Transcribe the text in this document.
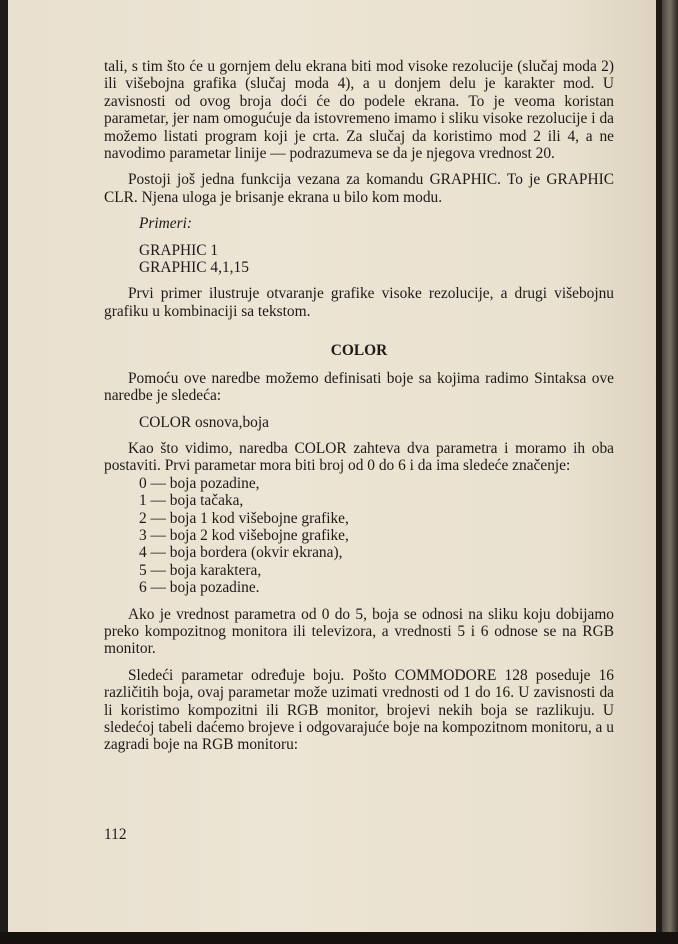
tali, s tim što će u gornjem delu ekrana biti mod visoke rezolucije (slučaj moda 2) ili višebojna grafika (slučaj moda 4), a u donjem delu je karakter mod. U zavisnosti od ovog broja doći će do podele ekrana. To je veoma koristan parametar, jer nam omogućuje da istovremeno imamo i sliku visoke rezolucije i da možemo listati program koji je crta. Za slučaj da koristimo mod 2 ili 4, a ne navodimo parametar linije — podrazumeva se da je njegova vrednost 20.

Postoji još jedna funkcija vezana za komandu GRAPHIC. To je GRAPHIC CLR. Njena uloga je brisanje ekrana u bilo kom modu.

Primeri:

GRAPHIC 1

GRAPHIC 4,1,15

Prvi primer ilustruje otvaranje grafike visoke rezolucije, a drugi višebojnu grafiku u kombinaciji sa tekstom.

COLOR

Pomoću ove naredbe možemo definisati boje sa kojima radimo Sintaksa ove naredbe je sledeća:

COLOR osnova,boja

Kao što vidimo, naredba COLOR zahteva dva parametra i moramo ih oba postaviti. Prvi parametar mora biti broj od 0 do 6 i da ima sledeće značenje:

0 — boja pozadine,
1 — boja tačaka,
2 — boja 1 kod višebojne grafike,
3 — boja 2 kod višebojne grafike,
4 — boja bordera (okvir ekrana),
5 — boja karaktera,
6 — boja pozadine.

Ako je vrednost parametra od 0 do 5, boja se odnosi na sliku koju dobijamo preko kompozitnog monitora ili televizora, a vrednosti 5 i 6 odnose se na RGB monitor.

Sledeći parametar određuje boju. Pošto COMMODORE 128 poseduje 16 različitih boja, ovaj parametar može uzimati vrednosti od 1 do 16. U zavisnosti da li koristimo kompozitni ili RGB monitor, brojevi nekih boja se razlikuju. U sledećoj tabeli daćemo brojeve i odgovarajuće boje na kompozitnom monitoru, a u zagradi boje na RGB monitoru:

112
